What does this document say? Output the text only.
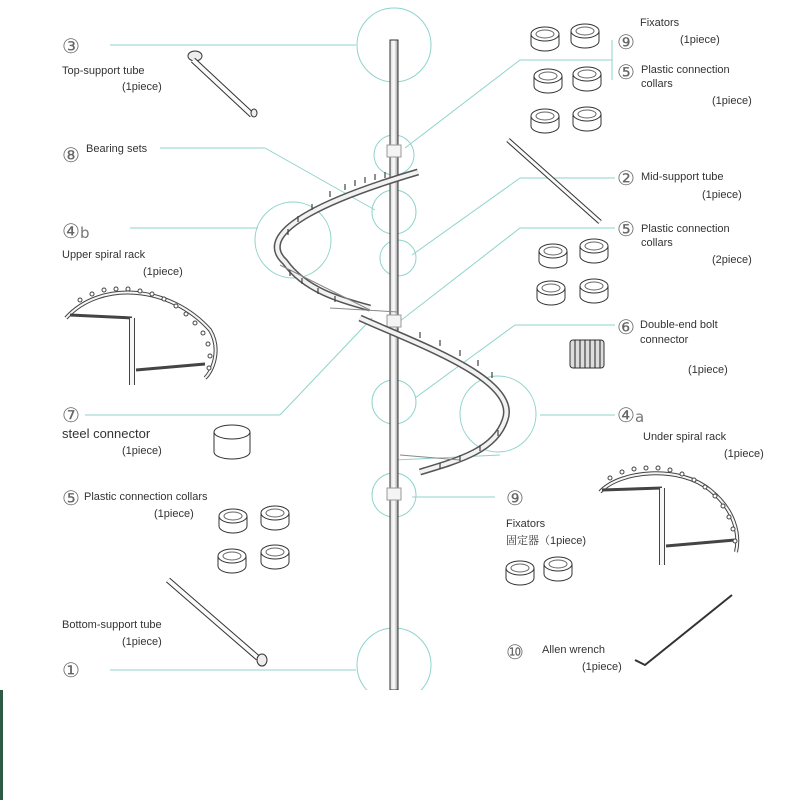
③
Top-support tube
(1piece)
⑧ Bearing sets
④b
Upper spiral rack
(1piece)
⑦
steel connector
(1piece)
⑤ Plastic connection collars
(1piece)
Bottom-support tube
(1piece)
①
⑨
Fixators
(1piece)
⑤ Plastic connection
collars
(1piece)
② Mid-support tube
(1piece)
⑤ Plastic connection
collars
(2piece)
⑥ Double-end bolt
connector
(1piece)
④a
Under spiral rack
(1piece)
⑨
Fixators
固定器（1piece)
⑩ Allen wrench
(1piece)
